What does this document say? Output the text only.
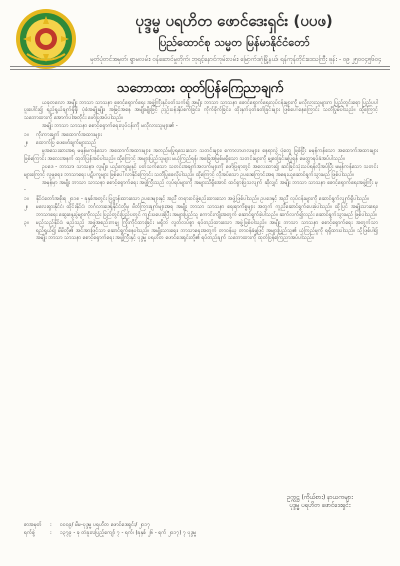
ပုဒ္ဒမ္မ ပရဟိတ ဖောင်ဒေးရှင်း (ပပဖ)
ပြည်ထောင်စု သမ္မတ မြန်မာနိုင်ငံတော်
မှတ်ပုံတင်အမှတ်၊ ရွာမလမ်း၊ ဝန်ဆောင်မှုတိုက်၊ ဘုရင့်နောင်ကုမ်းလမ်း၊ မြောက်ဒဂုံမြို့နယ်၊ ရန်ကုန်တိုင်းဒေသကြီး ဖုန်း - ၀၉ ၂၅၀၀၄၅၆၀၄
သဘောထား ထုတ်ပြန်ကြေညာချက်

ယခုတလော အမျိုး ဘာသာ သာသနာ စောင့်ရှောက်ရေး အဖွဲ့ကြီးနှင့်ပတ်သက်၍ အမျိုး ဘာသာ သာသနာ စောင့်ရှောက်ရေးလုပ်ငန်းများကို မလိုလားသူများက ပြည့်တွင်းရော ပြည်ပပါ ပူးပေါင်း၍ ရည်ရွယ်ချက်ရှိရှိ၊ ပုံစံအမျိုးမျိုး၊ အမြင်အနေ အမျိုးမျိုးဖြင့် ညှဉ်းပန်းနှိပ်စက်ခြင်း၊ ကိုက်ခိုက်ခြင်း၊ ထိုးနှက်ပုတ်ခတ်ခြင်းများ ဖြစ်ပေါ်နေကြောင်း သတိပြုမိပါသည်။ ထို့ကြောင့် သဘောထားကို အောက်ပါအတိုင်း ဖော်ပြအပ်ပါသည်။

အမျိုး ဘာသာ သာသနာ စောင့်ရှောက်ရေးလုပ်ငန်းကို မလိုလားသူများ၏ -

၁။	ကိုးကားချက် အထောက်အထားများ
၂။	ထောက်ပြ ဖေဖော်ချက်များသည်

မူအသေးဆားအရ မမှန်မကန်သော အထောက်အထားများ၊ အတည်မပြုရသေးသော သတင်းများ၊ ကောလာဟလများ၊ နေရာလွဲ ပုံတွေ ဖြစ်ပြီး မမှန်ကန်သော အထောက်အထားများ ဖြစ်ကြောင်း အလေးအနက် ထုတ်ပြန်အပ်ပါသည်။ ထို့ကြောင့် အများပြည်သူများ မယုံကြည်ရန်၊ အခြေအမြစ်မရှိသော သတင်းများကို မျှဝေခြင်းမပြုရန် မေတ္တာရပ်ခံအပ်ပါသည်။

ဥပဒေ - ဘာသာ၊ သာသနာ၊ လူမျိုး၊ ယဉ်ကျေးမှုနှင့် ပတ်သက်သော သတင်းအချက်အလက်များကို ဖော်ပြရာတွင် အလေးထား၍ ဆင်ခြင်သုံးသပ်ရန်လိုအပ်ပြီး မမှန်ကန်သော သတင်းများကြောင့် လူမှုရေး၊ ဘာသာရေး ပဋိပက္ခများ ဖြစ်ပေါ်လာနိုင်ကြောင်း သတိပြုစေလိုပါသည်။ ထို့ကြောင့် လိုအပ်သော ဥပဒေကြောင်းအရ အရေးယူဆောင်ရွက်သွားမည် ဖြစ်ပါသည်။

အမှန်မှာ အမျိုး ဘာသာ သာသနာ စောင့်ရှောက်ရေး အဖွဲ့ကြီးသည် လုပ်ရပ်များကို အများသိရှိအောင် ထင်ရှားပြသလျက် ဆိုလျှင် အမျိုး ဘာသာ သာသနာ စောင့်ရှောက်ရေးအဖွဲ့ကြီး မှ -

၁။	နိုင်ငံတော်အစိုးရ ၂၀၁၈ - ခုနှစ်အတွင်း ပြဋ္ဌာန်းထားသော ဥပဒေများနှင့် အညီ တရားဝင်ဖွဲ့စည်းထားသော အဖွဲ့ဖြစ်ပါသည်။ ဥပဒေနှင့် အညီ လုပ်ငန်းများကို ဆောင်ရွက်လျက်ရှိပါသည်။
၂။	မလေးရှားနိုင်ငံ၊ ထိုင်းနိုင်ငံ၊ ဘင်္ဂလားဒေ့ရှ်နိုင်ငံတို့မှ ဖိတ်ကြားချက်များအရ အမျိုး ဘာသာ သာသနာ ရေးရာကိစ္စများ အတွက် ကူညီဆောင်ရွက်ပေးခဲ့ပါသည်။ ထို့ပြင် အမျိုးသားရေး၊ ဘာသာရေး ဆွေးနွေးပွဲများကိုလည်း ပြည်တွင်းပြည်ပတွင် ကျင်းပပေးခဲ့ပြီး အများပြည်သူ ကောင်းကျိုးအတွက် ဆောင်ရွက်ခဲ့ပါသည်။ ဆက်လက်၍လည်း ဆောင်ရွက်သွားမည် ဖြစ်ပါသည်။
၃။	မည်သည့်နိုင်ငံ၊ မည်သည့် အဖွဲ့အစည်းကမျှ ကြိုးကိုင်ထားခြင်း မရှိဘဲ လွတ်လပ်စွာ ရပ်တည်ထားသော အဖွဲ့ဖြစ်ပါသည်။ အမျိုး ဘာသာ သာသနာ စောင့်ရှောက်ရေး အတွက်သာ ရည်ရွယ်၍ မိမိတို့၏ အင်အားဖြင့်သာ ဆောင်ရွက်နေပါသည်။ အမျိုးသားရေး၊ ဘာသာရေးအတွက် တာဝန်ယူ တာဝန်ခံမှုဖြင့် အများပြည်သူ၏ ယုံကြည်မှုကို ရရှိထားပါသည်။ သို့ဖြစ်ပါ၍ အမျိုး ဘာသာ သာသနာ စောင့်ရှောက်ရေး အဖွဲ့ကြီးနှင့် ပုဒ္ဒမ္မ ပရဟိတ ဖောင်ဒေးရှင်းတို့၏ ရပ်တည်ချက် သဘောထားကို ထုတ်ပြန်ကြေညာအပ်ပါသည်။
ဥက္ကဋ္ဌ (ကိုယ်စား) နာယကများ
ပုဒ္ဒမ္မ ပရဟိတ ဖောင်ဒေးရှင်း
စာအမှတ်	:	၀၀၀၉/ မိမ-ပုဒ္ဒမ္မ ပရဟိတ ဖောင်ဒေးရှင်း/ ၂၀၁၇
ရက်စွဲ	:	၁၃၇၉ - ခု တံခူးလပြည့်ကျော် ၇ - ရက်၊ (ခုနှစ် ၂၆ - ရက် ၂၀၁၇) ၇ ပုဒ္ဒမ္မ
